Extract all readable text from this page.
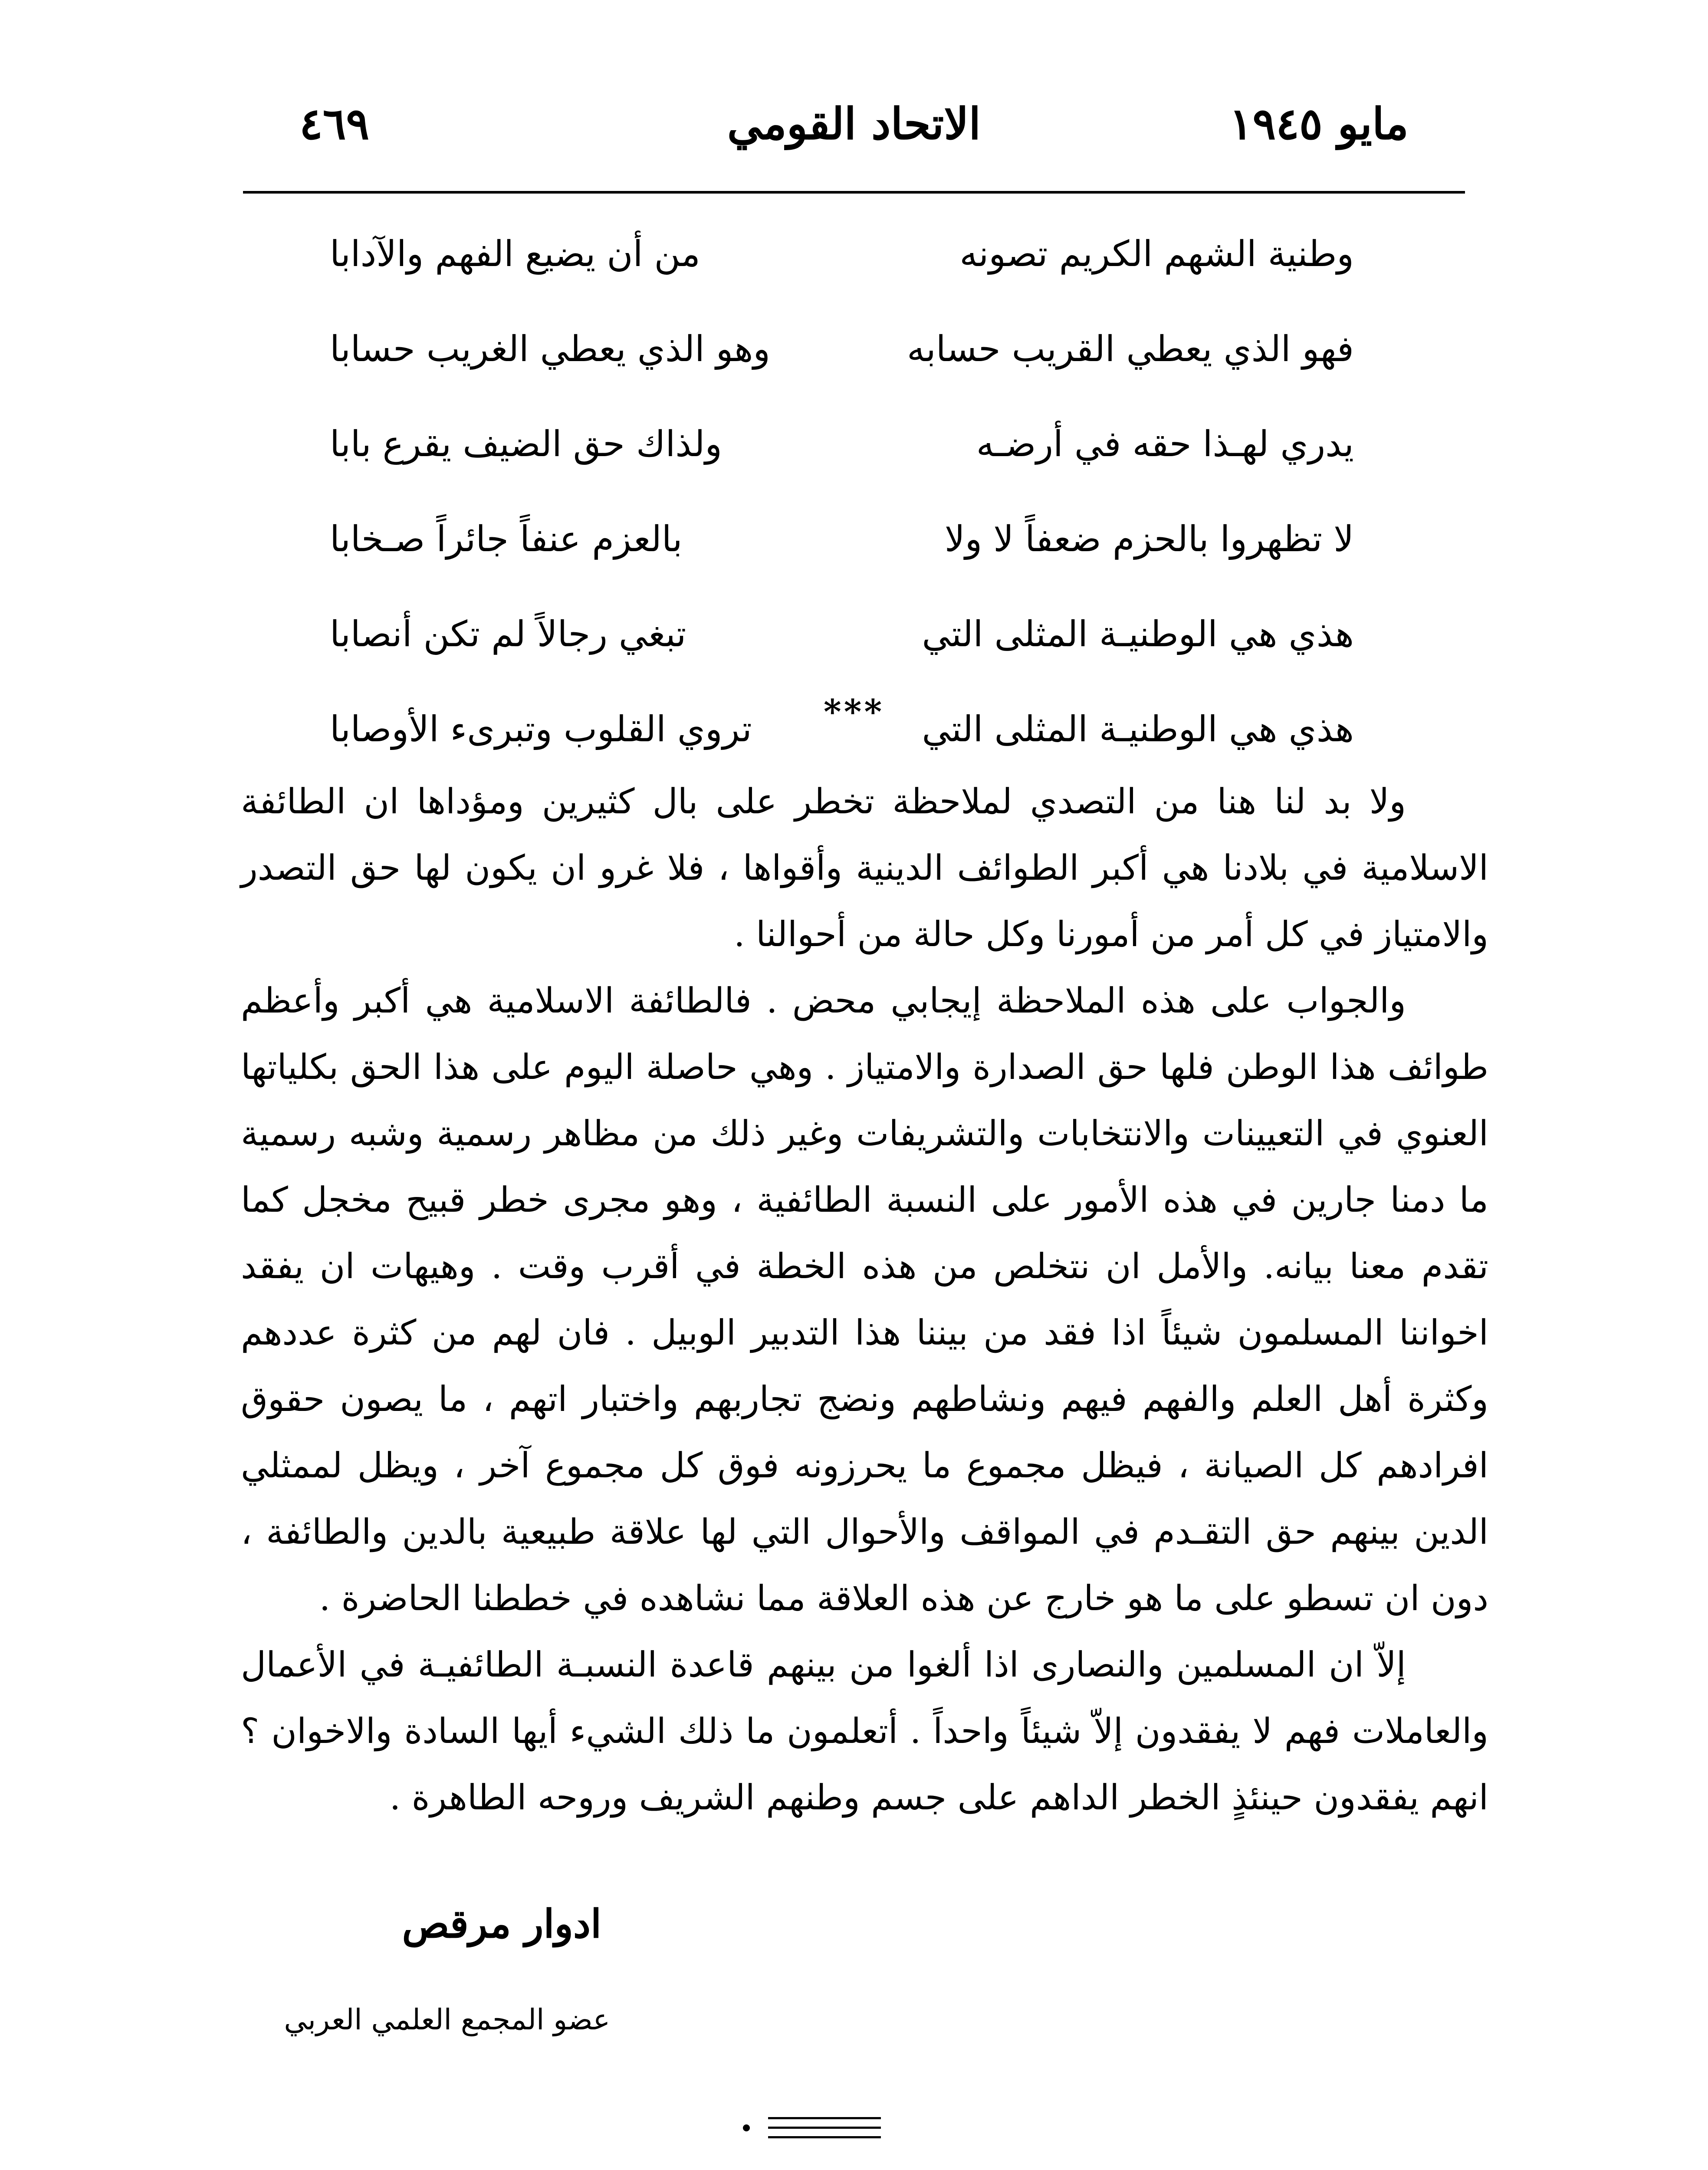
مايو ١٩٤٥
الاتحاد القومي
٤٦٩
وطنية الشهم الكريم تصونه
من أن يضيع الفهم والآدابا
فهو الذي يعطي القريب حسابه
وهو الذي يعطي الغريب حسابا
يدري لهـذا حقه في أرضـه
ولذاك حق الضيف يقرع بابا
لا تظهروا بالحزم ضعفاً لا ولا
بالعزم عنفاً جائراً صـخابا
هذي هي الوطنيـة المثلى التي
تبغي رجالاً لم تكن أنصابا
هذي هي الوطنيـة المثلى التي
تروي القلوب وتبرىء الأوصابا	***

ولا بد لنا هنا من التصدي لملاحظة تخطر على بال كثيرين ومؤداها ان الطائفة الاسلامية في بلادنا هي أكبر الطوائف الدينية وأقواها ، فلا غرو ان يكون لها حق التصدر والامتياز في كل أمر من أمورنا وكل حالة من أحوالنا .

والجواب على هذه الملاحظة إيجابي محض . فالطائفة الاسلامية هي أكبر وأعظم طوائف هذا الوطن فلها حق الصدارة والامتياز . وهي حاصلة اليوم على هذا الحق بكلياتها العنوي في التعيينات والانتخابات والتشريفات وغير ذلك من مظاهر رسمية وشبه رسمية ما دمنا جارين في هذه الأمور على النسبة الطائفية ، وهو مجرى خطر قبيح مخجل كما تقدم معنا بيانه. والأمل ان نتخلص من هذه الخطة في أقرب وقت . وهيهات ان يفقد اخواننا المسلمون شيئاً اذا فقد من بيننا هذا التدبير الوبيل . فان لهم من كثرة عددهم وكثرة أهل العلم والفهم فيهم ونشاطهم ونضج تجاربهم واختبار اتهم ، ما يصون حقوق افرادهم كل الصيانة ، فيظل مجموع ما يحرزونه فوق كل مجموع آخر ، ويظل لممثلي الدين بينهم حق التقـدم في المواقف والأحوال التي لها علاقة طبيعية بالدين والطائفة ، دون ان تسطو على ما هو خارج عن هذه العلاقة مما نشاهده في خططنا الحاضرة .

إلاّ ان المسلمين والنصارى اذا ألغوا من بينهم قاعدة النسبـة الطائفيـة في الأعمال والعاملات فهم لا يفقدون إلاّ شيئاً واحداً . أتعلمون ما ذلك الشيء أيها السادة والاخوان ؟ انهم يفقدون حينئذٍ الخطر الداهم على جسم وطنهم الشريف وروحه الطاهرة .

ادوار مرقص
عضو المجمع العلمي العربي
